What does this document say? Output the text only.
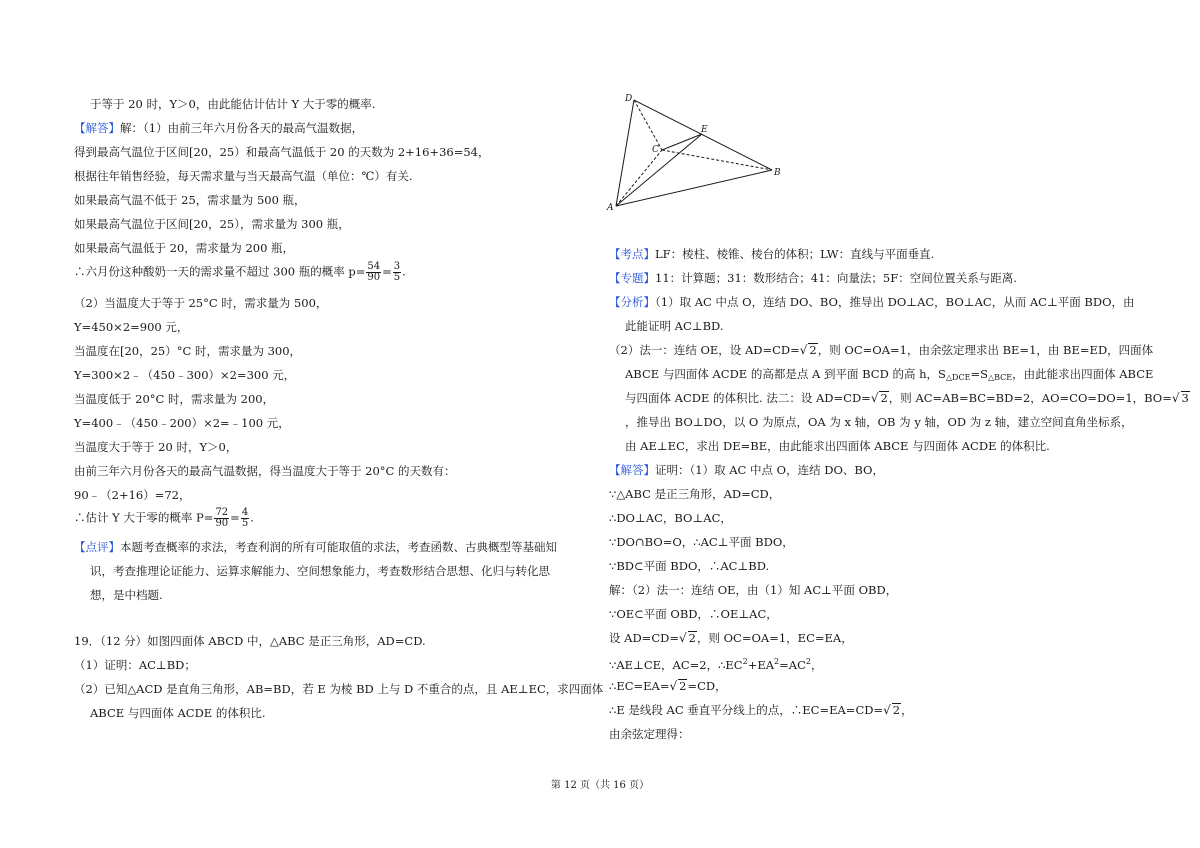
于等于 20 时，Y＞0，由此能估计估计 Y 大于零的概率.
【解答】解：（1）由前三年六月份各天的最高气温数据，
得到最高气温位于区间[20，25）和最高气温低于 20 的天数为 2+16+36=54，
根据往年销售经验，每天需求量与当天最高气温（单位：℃）有关.
如果最高气温不低于 25，需求量为 500 瓶，
如果最高气温位于区间[20，25），需求量为 300 瓶，
如果最高气温低于 20，需求量为 200 瓶，
∴六月份这种酸奶一天的需求量不超过 300 瓶的概率 $p= \frac{54}{90} = \frac{3}{5}$ .
（2）当温度大于等于 25°C 时，需求量为 500，
Y=450×2=900 元，
当温度在[20，25）°C 时，需求量为 300，
Y=300×2﹣（450﹣300）×2=300 元，
当温度低于 20°C 时，需求量为 200，
Y=400﹣（450﹣200）×2=﹣100 元，
当温度大于等于 20 时，Y＞0，
由前三年六月份各天的最高气温数据，得当温度大于等于 20°C 的天数有：
90﹣（2+16）=72，
∴估计 Y 大于零的概率 $P= \frac{72}{90} = \frac{4}{5}$ .
【点评】本题考查概率的求法，考查利润的所有可能取值的求法，考查函数、古典概型等基础知
识，考查推理论证能力、运算求解能力、空间想象能力，考查数形结合思想、化归与转化思
想，是中档题.
19．（12 分）如图四面体 ABCD 中，△ABC 是正三角形，AD=CD.
（1）证明：AC⊥BD；
（2）已知△ACD 是直角三角形，AB=BD，若 E 为棱 BD 上与 D 不重合的点，且 AE⊥EC，求四面体
ABCE 与四面体 ACDE 的体积比.
D
E
C
B
A
【考点】LF：棱柱、棱锥、棱台的体积；LW：直线与平面垂直.
【专题】11：计算题；31：数形结合；41：向量法；5F：空间位置关系与距离.
【分析】（1）取 AC 中点 O，连结 DO、BO，推导出 DO⊥AC，BO⊥AC，从而 AC⊥平面 BDO，由
此能证明 AC⊥BD.
（2）法一：连结 OE，设 AD=CD=√ 2，则 OC=OA=1，由余弦定理求出 BE=1，由 BE=ED，四面体
ABCE 与四面体 ACDE 的高都是点 A 到平面 BCD 的高 h，$S_{\triangle DCE}=S_{\triangle BCE}$，由此能求出四面体 ABCE
与四面体 ACDE 的体积比. 法二：设 AD=CD=√ 2，则 AC=AB=BC=BD=2，AO=CO=DO=1，BO=√ 3
，推导出 BO⊥DO，以 O 为原点，OA 为 x 轴，OB 为 y 轴，OD 为 z 轴，建立空间直角坐标系，
由 AE⊥EC，求出 DE=BE，由此能求出四面体 ABCE 与四面体 ACDE 的体积比.
【解答】证明：（1）取 AC 中点 O，连结 DO、BO，
∵△ABC 是正三角形，AD=CD，
∴DO⊥AC，BO⊥AC，
∵DO∩BO=O，∴AC⊥平面 BDO，
∵BD⊂平面 BDO，∴AC⊥BD.
解：（2）法一：连结 OE，由（1）知 AC⊥平面 OBD，
∵OE⊂平面 OBD，∴OE⊥AC，
设 AD=CD=√ 2，则 OC=OA=1，EC=EA，
∵AE⊥CE，AC=2，$\therefore EC^2+EA^2=AC^2$，
∴EC=EA=√ 2=CD，
∴E 是线段 AC 垂直平分线上的点，∴EC=EA=CD=√ 2，
由余弦定理得：
第 12 页（共 16 页）
